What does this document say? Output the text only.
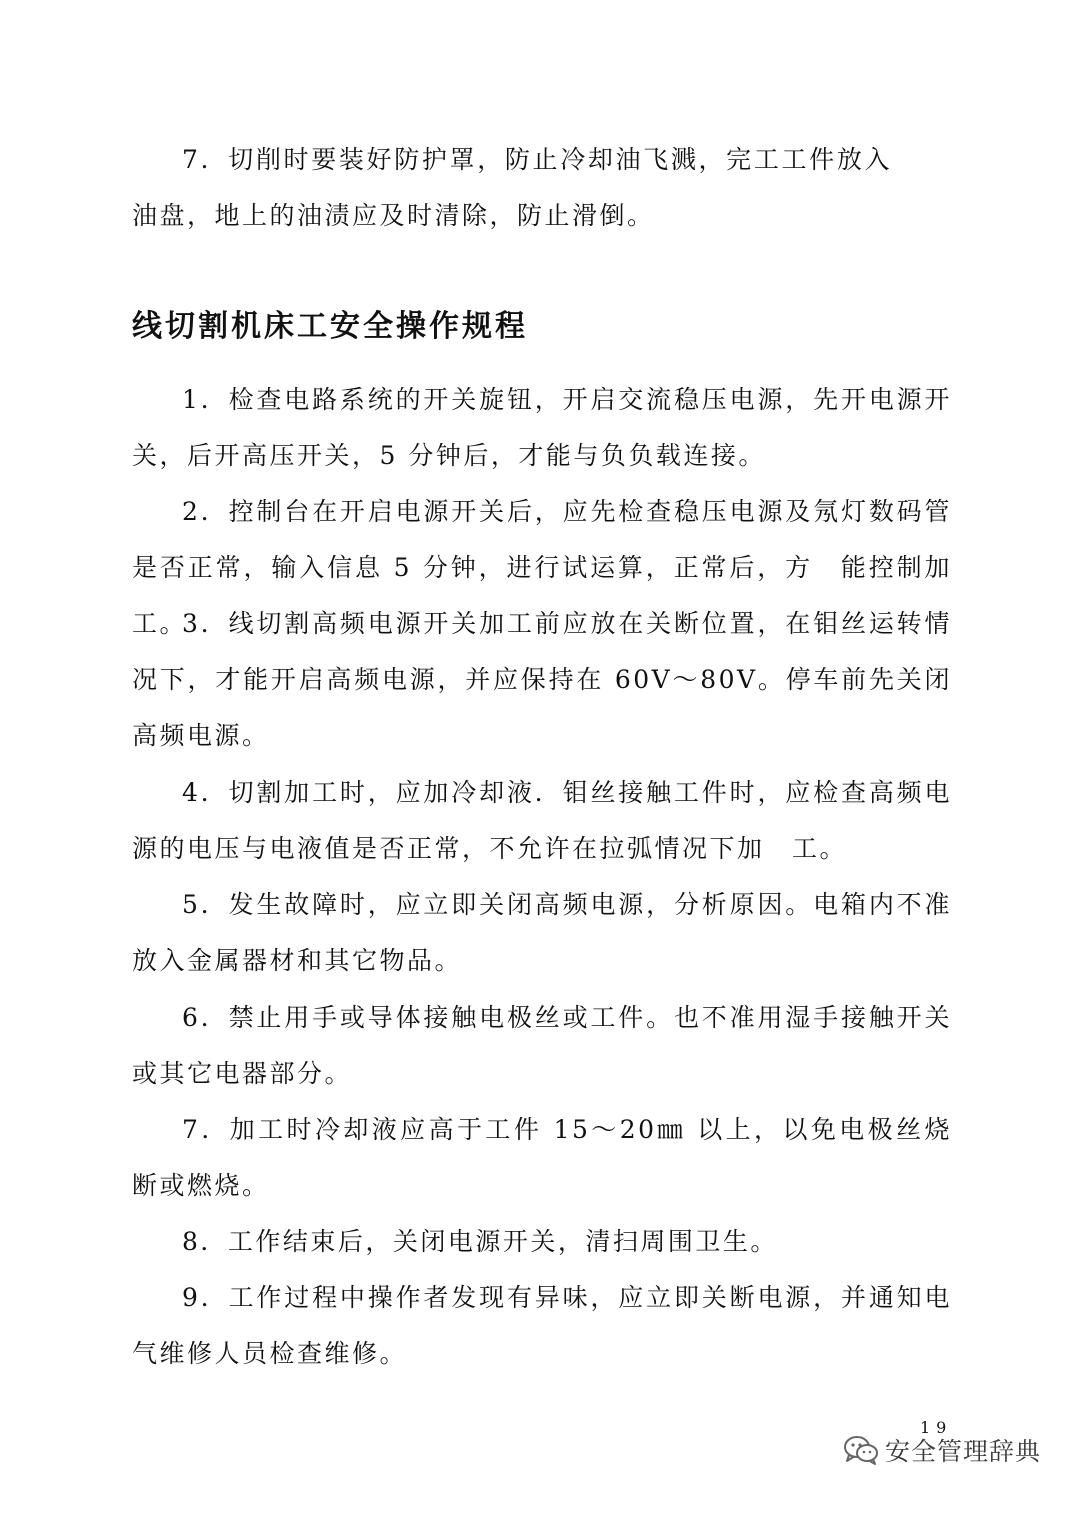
7．切削时要装好防护罩，防止冷却油飞溅，完工工件放入油盘，地上的油渍应及时清除，防止滑倒。

线切割机床工安全操作规程

1．检查电路系统的开关旋钮，开启交流稳压电源，先开电源开关，后开高压开关，5 分钟后，才能与负负载连接。

2．控制台在开启电源开关后，应先检查稳压电源及氖灯数码管是否正常，输入信息 5 分钟，进行试运算，正常后，方　能控制加工。

3．线切割高频电源开关加工前应放在关断位置，在钼丝运转情况下，才能开启高频电源，并应保持在 60V～80V。停车前先关闭高频电源。

4．切割加工时，应加冷却液．钼丝接触工件时，应检查高频电源的电压与电液值是否正常，不允许在拉弧情况下加　工。

5．发生故障时，应立即关闭高频电源，分析原因。电箱内不准放入金属器材和其它物品。

6．禁止用手或导体接触电极丝或工件。也不准用湿手接触开关或其它电器部分。

7．加工时冷却液应高于工件 15～20㎜ 以上，以免电极丝烧断或燃烧。

8．工作结束后，关闭电源开关，清扫周围卫生。

9．工作过程中操作者发现有异味，应立即关断电源，并通知电气维修人员检查维修。

19

安全管理辞典
